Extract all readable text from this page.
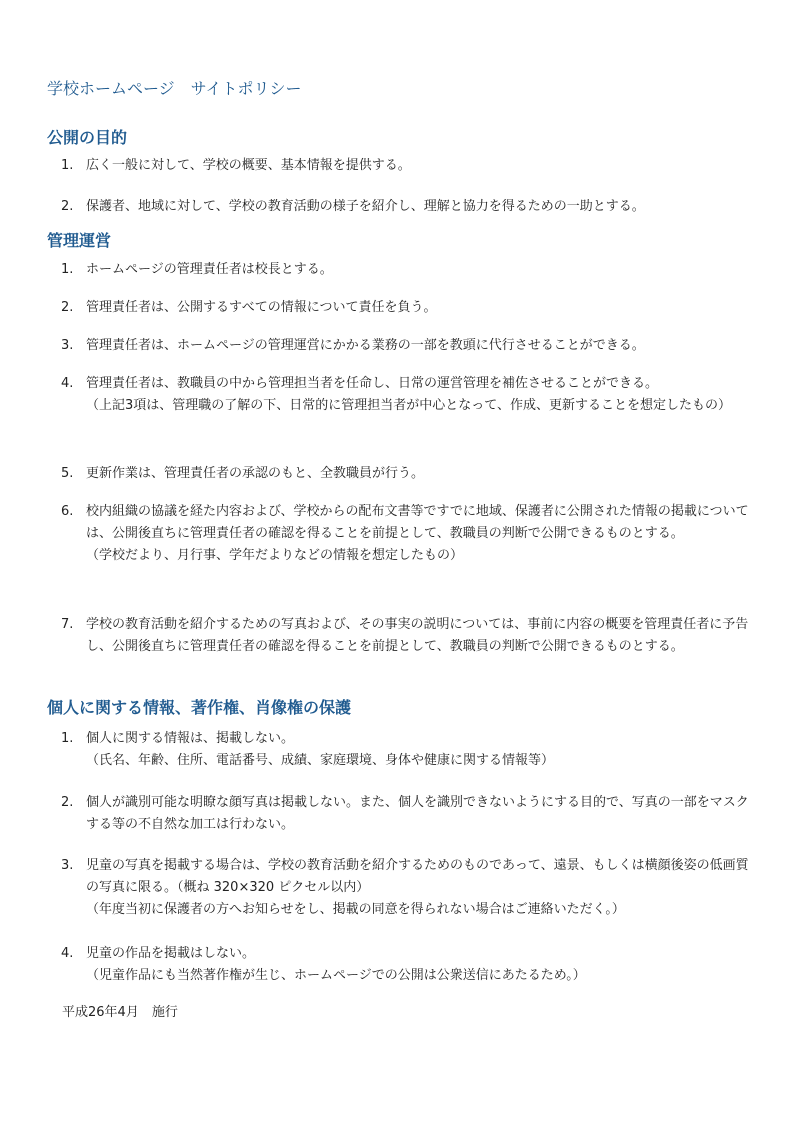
学校ホームページ　サイトポリシー
公開の目的
1. 広く一般に対して、学校の概要、基本情報を提供する。
2. 保護者、地域に対して、学校の教育活動の様子を紹介し、理解と協力を得るための一助とする。
管理運営
1. ホームページの管理責任者は校長とする。
2. 管理責任者は、公開するすべての情報について責任を負う。
3. 管理責任者は、ホームページの管理運営にかかる業務の一部を教頭に代行させることができる。
4. 管理責任者は、教職員の中から管理担当者を任命し、日常の運営管理を補佐させることができる。
（上記3項は、管理職の了解の下、日常的に管理担当者が中心となって、作成、更新することを想定したもの）
5. 更新作業は、管理責任者の承認のもと、全教職員が行う。
6. 校内組織の協議を経た内容および、学校からの配布文書等ですでに地域、保護者に公開された情報の掲載については、公開後直ちに管理責任者の確認を得ることを前提として、教職員の判断で公開できるものとする。
（学校だより、月行事、学年だよりなどの情報を想定したもの）
7. 学校の教育活動を紹介するための写真および、その事実の説明については、事前に内容の概要を管理責任者に予告し、公開後直ちに管理責任者の確認を得ることを前提として、教職員の判断で公開できるものとする。
個人に関する情報、著作権、肖像権の保護
1. 個人に関する情報は、掲載しない。
（氏名、年齢、住所、電話番号、成績、家庭環境、身体や健康に関する情報等）
2. 個人が識別可能な明瞭な顔写真は掲載しない。また、個人を識別できないようにする目的で、写真の一部をマスクする等の不自然な加工は行わない。
3. 児童の写真を掲載する場合は、学校の教育活動を紹介するためのものであって、遠景、もしくは横顔後姿の低画質の写真に限る。（概ね 320×320 ピクセル以内）
（年度当初に保護者の方へお知らせをし、掲載の同意を得られない場合はご連絡いただく。）
4. 児童の作品を掲載はしない。
（児童作品にも当然著作権が生じ、ホームページでの公開は公衆送信にあたるため。）
平成26年4月　施行
